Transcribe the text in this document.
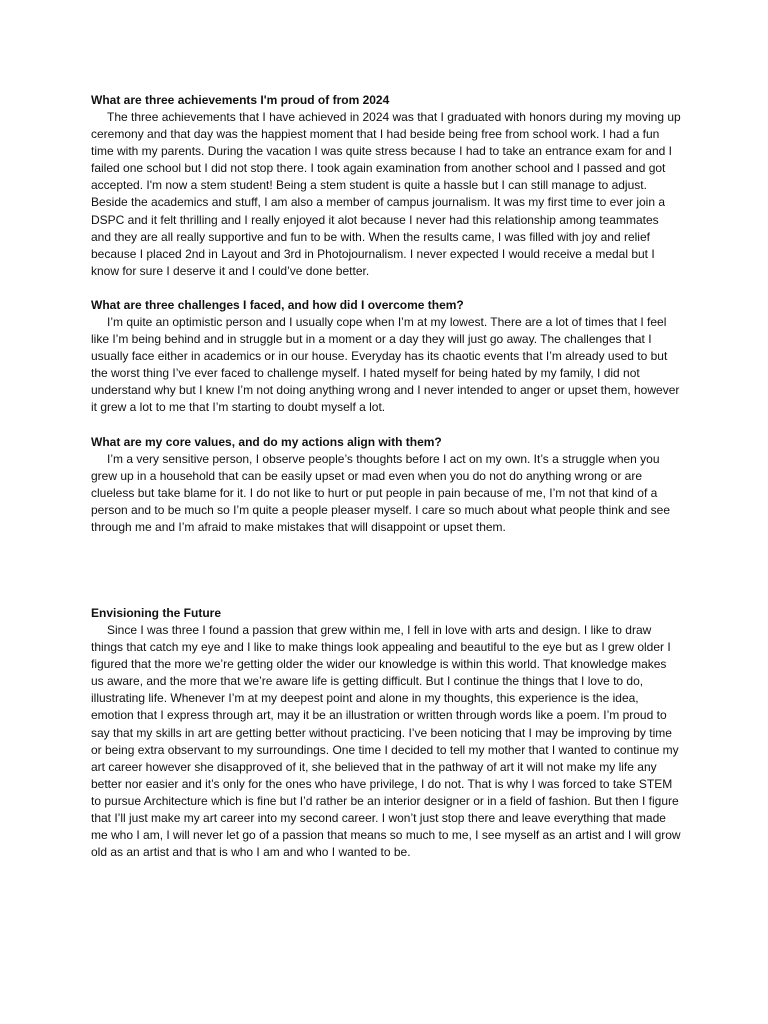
What are three achievements I'm proud of from 2024

The three achievements that I have achieved in 2024 was that I graduated with honors during my moving up ceremony and that day was the happiest moment that I had beside being free from school work. I had a fun time with my parents. During the vacation I was quite stress because I had to take an entrance exam for and I failed one school but I did not stop there. I took again examination from another school and I passed and got accepted. I'm now a stem student! Being a stem student is quite a hassle but I can still manage to adjust. Beside the academics and stuff, I am also a member of campus journalism. It was my first time to ever join a DSPC and it felt thrilling and I really enjoyed it alot because I never had this relationship among teammates and they are all really supportive and fun to be with. When the results came, I was filled with joy and relief because I placed 2nd in Layout and 3rd in Photojournalism. I never expected I would receive a medal but I know for sure I deserve it and I could’ve done better.

What are three challenges I faced, and how did I overcome them?

I’m quite an optimistic person and I usually cope when I’m at my lowest. There are a lot of times that I feel like I’m being behind and in struggle but in a moment or a day they will just go away. The challenges that I usually face either in academics or in our house. Everyday has its chaotic events that I’m already used to but the worst thing I’ve ever faced to challenge myself. I hated myself for being hated by my family, I did not understand why but I knew I’m not doing anything wrong and I never intended to anger or upset them, however it grew a lot to me that I’m starting to doubt myself a lot.

What are my core values, and do my actions align with them?

I’m a very sensitive person, I observe people’s thoughts before I act on my own. It’s a struggle when you grew up in a household that can be easily upset or mad even when you do not do anything wrong or are clueless but take blame for it. I do not like to hurt or put people in pain because of me, I’m not that kind of a person and to be much so I’m quite a people pleaser myself. I care so much about what people think and see through me and I’m afraid to make mistakes that will disappoint or upset them.

Envisioning the Future

Since I was three I found a passion that grew within me, I fell in love with arts and design. I like to draw things that catch my eye and I like to make things look appealing and beautiful to the eye but as I grew older I figured that the more we’re getting older the wider our knowledge is within this world. That knowledge makes us aware, and the more that we’re aware life is getting difficult. But I continue the things that I love to do, illustrating life. Whenever I’m at my deepest point and alone in my thoughts, this experience is the idea, emotion that I express through art, may it be an illustration or written through words like a poem. I’m proud to say that my skills in art are getting better without practicing. I’ve been noticing that I may be improving by time or being extra observant to my surroundings. One time I decided to tell my mother that I wanted to continue my art career however she disapproved of it, she believed that in the pathway of art it will not make my life any better nor easier and it’s only for the ones who have privilege, I do not. That is why I was forced to take STEM to pursue Architecture which is fine but I’d rather be an interior designer or in a field of fashion. But then I figure that I’ll just make my art career into my second career. I won’t just stop there and leave everything that made me who I am, I will never let go of a passion that means so much to me, I see myself as an artist and I will grow old as an artist and that is who I am and who I wanted to be.
